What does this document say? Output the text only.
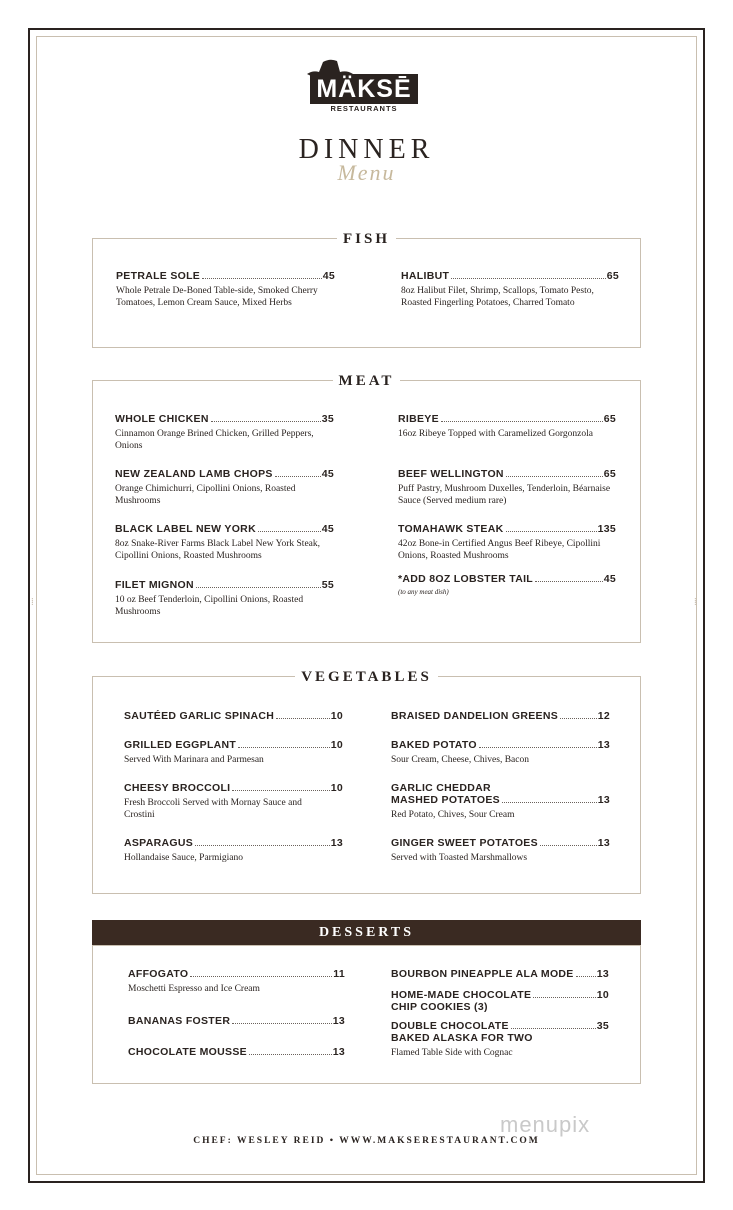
⁞	⁞
MÄKSĒ
RESTAURANTS
DINNER
Menu
FISH
PETRALE SOLE	45
Whole Petrale De-Boned Table-side, Smoked Cherry Tomatoes, Lemon Cream Sauce, Mixed Herbs
HALIBUT	65
8oz Halibut Filet, Shrimp, Scallops, Tomato Pesto, Roasted Fingerling Potatoes, Charred Tomato
MEAT
WHOLE CHICKEN	35
Cinnamon Orange Brined Chicken, Grilled Peppers, Onions
NEW ZEALAND LAMB CHOPS	45
Orange Chimichurri, Cipollini Onions, Roasted Mushrooms
BLACK LABEL NEW YORK	45
8oz Snake-River Farms Black Label New York Steak, Cipollini Onions, Roasted Mushrooms
FILET MIGNON	55
10 oz Beef Tenderloin, Cipollini Onions, Roasted Mushrooms
RIBEYE	65
16oz Ribeye Topped with Caramelized Gorgonzola
BEEF WELLINGTON	65
Puff Pastry, Mushroom Duxelles, Tenderloin, Béarnaise Sauce (Served medium rare)
TOMAHAWK STEAK	135
42oz Bone-in Certified Angus Beef Ribeye, Cipollini Onions, Roasted Mushrooms
*ADD 8OZ LOBSTER TAIL	45
(to any meat dish)
VEGETABLES
SAUTÉED GARLIC SPINACH	10
GRILLED EGGPLANT	10
Served With Marinara and Parmesan
CHEESY BROCCOLI	10
Fresh Broccoli Served with Mornay Sauce and Crostini
ASPARAGUS	13
Hollandaise Sauce, Parmigiano
BRAISED DANDELION GREENS	12
BAKED POTATO	13
Sour Cream, Cheese, Chives, Bacon
GARLIC CHEDDAR
MASHED POTATOES	13
Red Potato, Chives, Sour Cream
GINGER SWEET POTATOES	13
Served with Toasted Marshmallows
DESSERTS
AFFOGATO	11
Moschetti Espresso and Ice Cream
BANANAS FOSTER	13
CHOCOLATE MOUSSE	13
BOURBON PINEAPPLE ALA MODE 13
HOME-MADE CHOCOLATE	10
CHIP COOKIES (3)
DOUBLE CHOCOLATE	35
BAKED ALASKA FOR TWO
Flamed Table Side with Cognac
CHEF: WESLEY REID • WWW.MAKSERESTAURANT.COM
menupix
